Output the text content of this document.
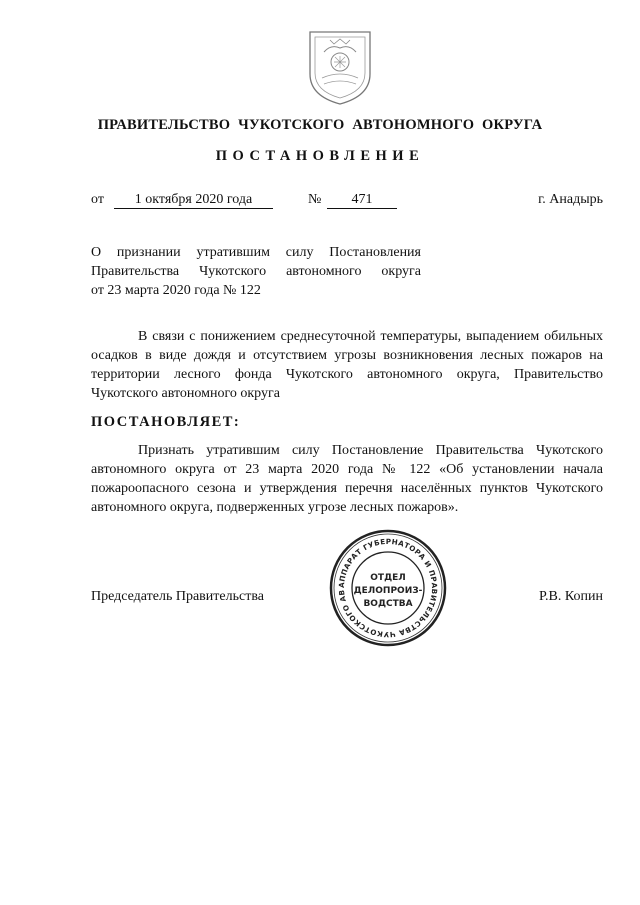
ПРАВИТЕЛЬСТВО ЧУКОТСКОГО АВТОНОМНОГО ОКРУГА
ПОСТАНОВЛЕНИЕ
от	1 октября 2020 года	№	471	г. Анадырь
О признании утратившим силу Постановления
Правительства Чукотского автономного округа
от 23 марта 2020 года № 122
В связи с понижением среднесуточной температуры, выпадением обильных осадков в виде дождя и отсутствием угрозы возникновения лесных пожаров на территории лесного фонда Чукотского автономного округа, Правительство Чукотского автономного округа
ПОСТАНОВЛЯЕТ:
Признать утратившим силу Постановление Правительства Чукотского автономного округа от 23 марта 2020 года № 122 «Об установлении начала пожароопасного сезона и утверждения перечня населённых пунктов Чукотского автономного округа, подверженных угрозе лесных пожаров».
Председатель Правительства	Р.В. Копин
АППАРАТ ГУБЕРНАТОРА И ПРАВИТЕЛЬСТВА ЧУКОТСКОГО АВ
ОТДЕЛ
ДЕЛОПРОИЗ-
ВОДСТВА
